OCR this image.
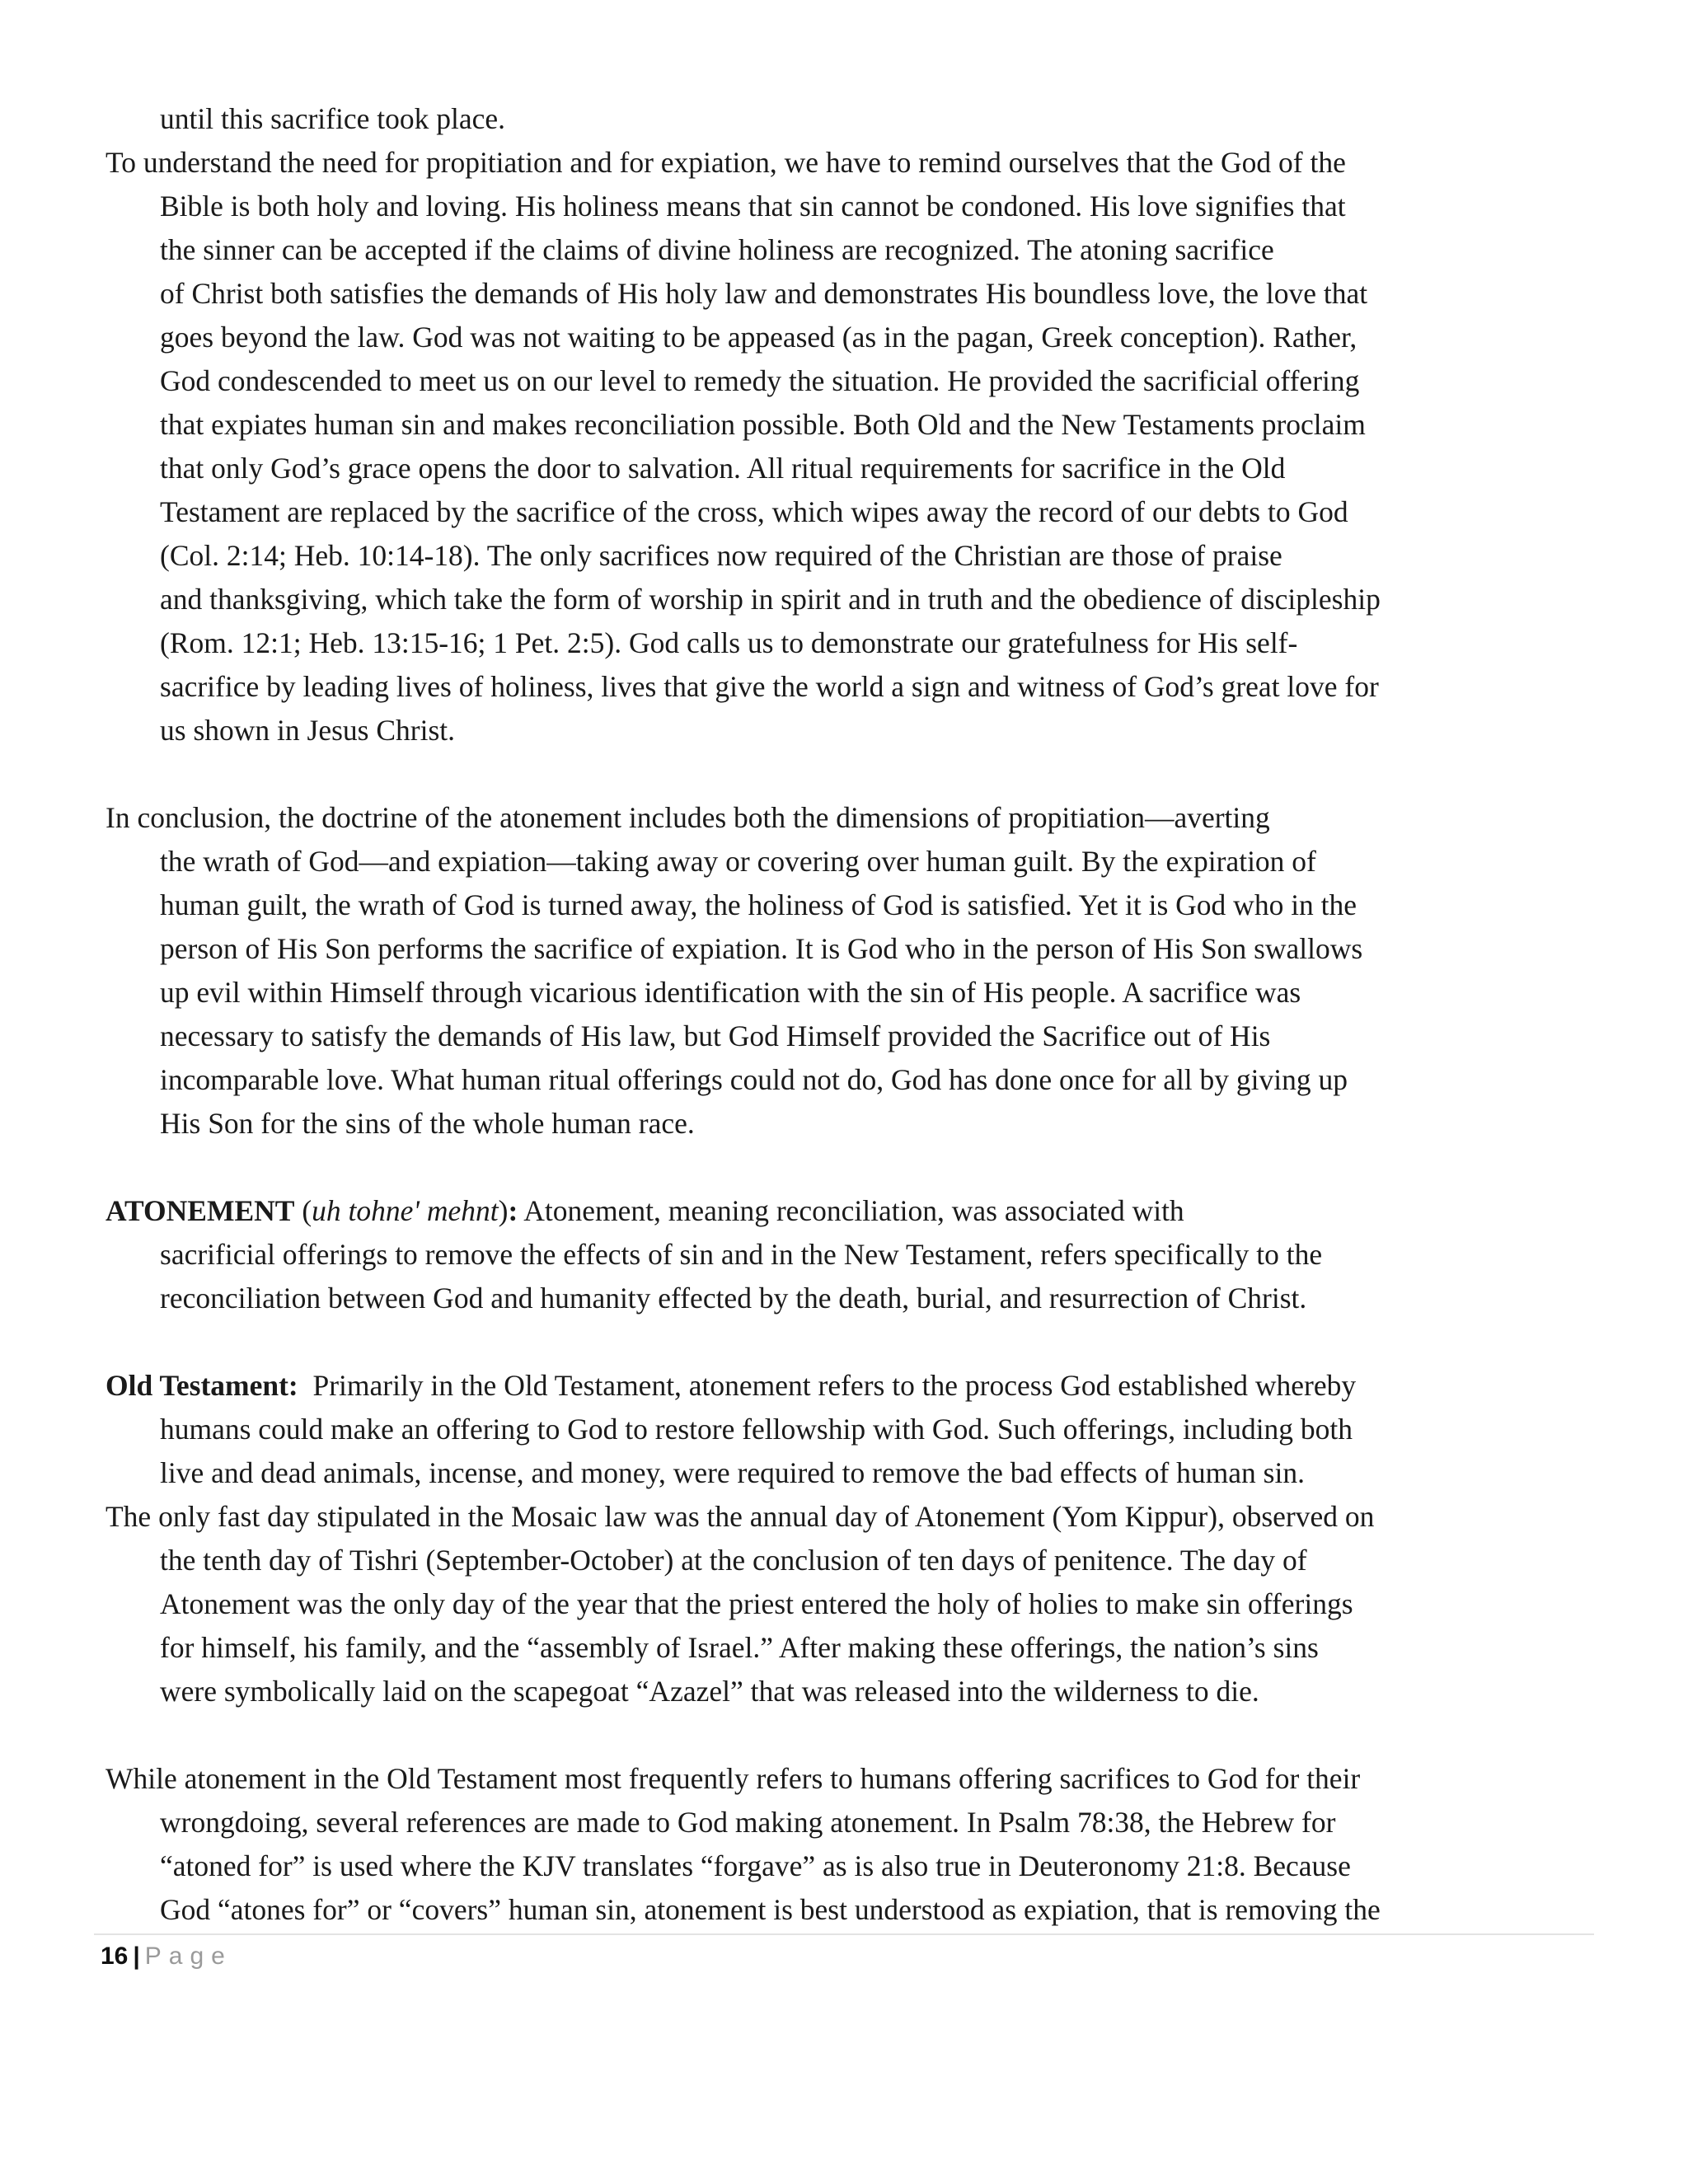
until this sacrifice took place.

To understand the need for propitiation and for expiation, we have to remind ourselves that the God of the
Bible is both holy and loving. His holiness means that sin cannot be condoned. His love signifies that
the sinner can be accepted if the claims of divine holiness are recognized. The atoning sacrifice
of Christ both satisfies the demands of His holy law and demonstrates His boundless love, the love that
goes beyond the law. God was not waiting to be appeased (as in the pagan, Greek conception). Rather,
God condescended to meet us on our level to remedy the situation. He provided the sacrificial offering
that expiates human sin and makes reconciliation possible. Both Old and the New Testaments proclaim
that only God’s grace opens the door to salvation. All ritual requirements for sacrifice in the Old
Testament are replaced by the sacrifice of the cross, which wipes away the record of our debts to God
(Col. 2:14; Heb. 10:14-18). The only sacrifices now required of the Christian are those of praise
and thanksgiving, which take the form of worship in spirit and in truth and the obedience of discipleship
(Rom. 12:1; Heb. 13:15-16; 1 Pet. 2:5). God calls us to demonstrate our gratefulness for His self-
sacrifice by leading lives of holiness, lives that give the world a sign and witness of God’s great love for
us shown in Jesus Christ.

In conclusion, the doctrine of the atonement includes both the dimensions of propitiation—averting
the wrath of God—and expiation—taking away or covering over human guilt. By the expiration of
human guilt, the wrath of God is turned away, the holiness of God is satisfied. Yet it is God who in the
person of His Son performs the sacrifice of expiation. It is God who in the person of His Son swallows
up evil within Himself through vicarious identification with the sin of His people. A sacrifice was
necessary to satisfy the demands of His law, but God Himself provided the Sacrifice out of His
incomparable love. What human ritual offerings could not do, God has done once for all by giving up
His Son for the sins of the whole human race.

ATONEMENT (uh tohne' mehnt): Atonement, meaning reconciliation, was associated with
sacrificial offerings to remove the effects of sin and in the New Testament, refers specifically to the
reconciliation between God and humanity effected by the death, burial, and resurrection of Christ.

Old Testament:  Primarily in the Old Testament, atonement refers to the process God established whereby
humans could make an offering to God to restore fellowship with God. Such offerings, including both
live and dead animals, incense, and money, were required to remove the bad effects of human sin.

The only fast day stipulated in the Mosaic law was the annual day of Atonement (Yom Kippur), observed on
the tenth day of Tishri (September-October) at the conclusion of ten days of penitence. The day of
Atonement was the only day of the year that the priest entered the holy of holies to make sin offerings
for himself, his family, and the “assembly of Israel.” After making these offerings, the nation’s sins
were symbolically laid on the scapegoat “Azazel” that was released into the wilderness to die.

While atonement in the Old Testament most frequently refers to humans offering sacrifices to God for their
wrongdoing, several references are made to God making atonement. In Psalm 78:38, the Hebrew for
“atoned for” is used where the KJV translates “forgave” as is also true in Deuteronomy 21:8. Because
God “atones for” or “covers” human sin, atonement is best understood as expiation, that is removing the

16 | Page
